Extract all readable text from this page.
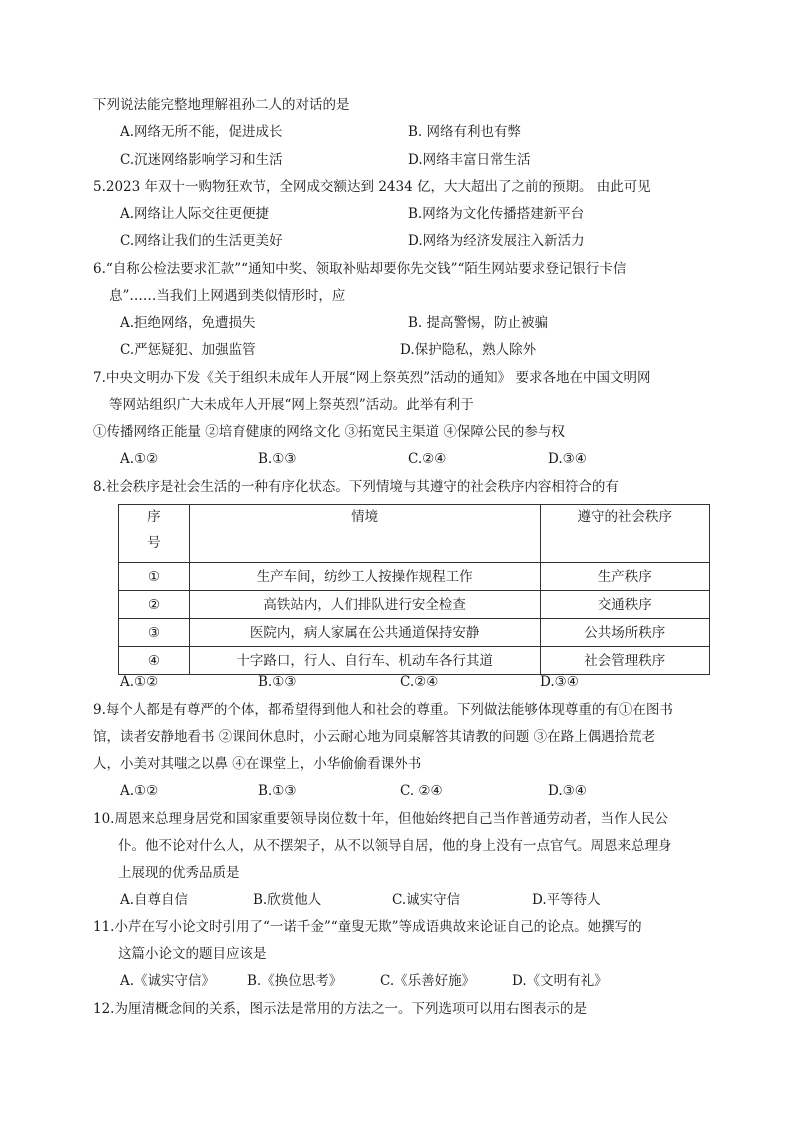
下列说法能完整地理解祖孙二人的对话的是
A.网络无所不能，促进成长	B. 网络有利也有弊
C.沉迷网络影响学习和生活	D.网络丰富日常生活
5.2023 年双十一购物狂欢节，全网成交额达到 2434 亿，大大超出了之前的预期。 由此可见
A.网络让人际交往更便捷	B.网络为文化传播搭建新平台
C.网络让我们的生活更美好	D.网络为经济发展注入新活力
6.“自称公检法要求汇款”“通知中奖、领取补贴却要你先交钱”“陌生网站要求登记银行卡信
息”……当我们上网遇到类似情形时，应
A.拒绝网络，免遭损失	B. 提高警惕，防止被骗
C.严惩疑犯、加强监管	D.保护隐私，熟人除外
7.中央文明办下发《关于组织未成年人开展“网上祭英烈”活动的通知》 要求各地在中国文明网
等网站组织广大未成年人开展“网上祭英烈”活动。此举有利于
①传播网络正能量 ②培育健康的网络文化 ③拓宽民主渠道 ④保障公民的参与权
A.①②	B.①③	C.②④	D.③④
8.社会秩序是社会生活的一种有序化状态。下列情境与其遵守的社会秩序内容相符合的有
序
号	情境	遵守的社会秩序
①	生产车间，纺纱工人按操作规程工作	生产秩序
②	高铁站内，人们排队进行安全检查	交通秩序
③	医院内，病人家属在公共通道保持安静	公共场所秩序
④	十字路口，行人、自行车、机动车各行其道	社会管理秩序
A.①②	B.①③	C.②④	D.③④
9.每个人都是有尊严的个体，都希望得到他人和社会的尊重。下列做法能够体现尊重的有①在图书
馆，读者安静地看书 ②课间休息时，小云耐心地为同桌解答其请教的问题 ③在路上偶遇拾荒老
人，小美对其嗤之以鼻 ④在课堂上，小华偷偷看课外书
A.①②	B.①③	C. ②④	D.③④
10.周恩来总理身居党和国家重要领导岗位数十年，但他始终把自己当作普通劳动者，当作人民公
仆。他不论对什么人，从不摆架子，从不以领导自居，他的身上没有一点官气。周恩来总理身
上展现的优秀品质是
A.自尊自信	B.欣赏他人	C.诚实守信	D.平等待人
11.小芹在写小论文时引用了“一诺千金”“童叟无欺”等成语典故来论证自己的论点。她撰写的
这篇小论文的题目应该是
A.《诚实守信》 B.《换位思考》	C.《乐善好施》	D.《文明有礼》
12.为厘清概念间的关系，图示法是常用的方法之一。下列选项可以用右图表示的是
